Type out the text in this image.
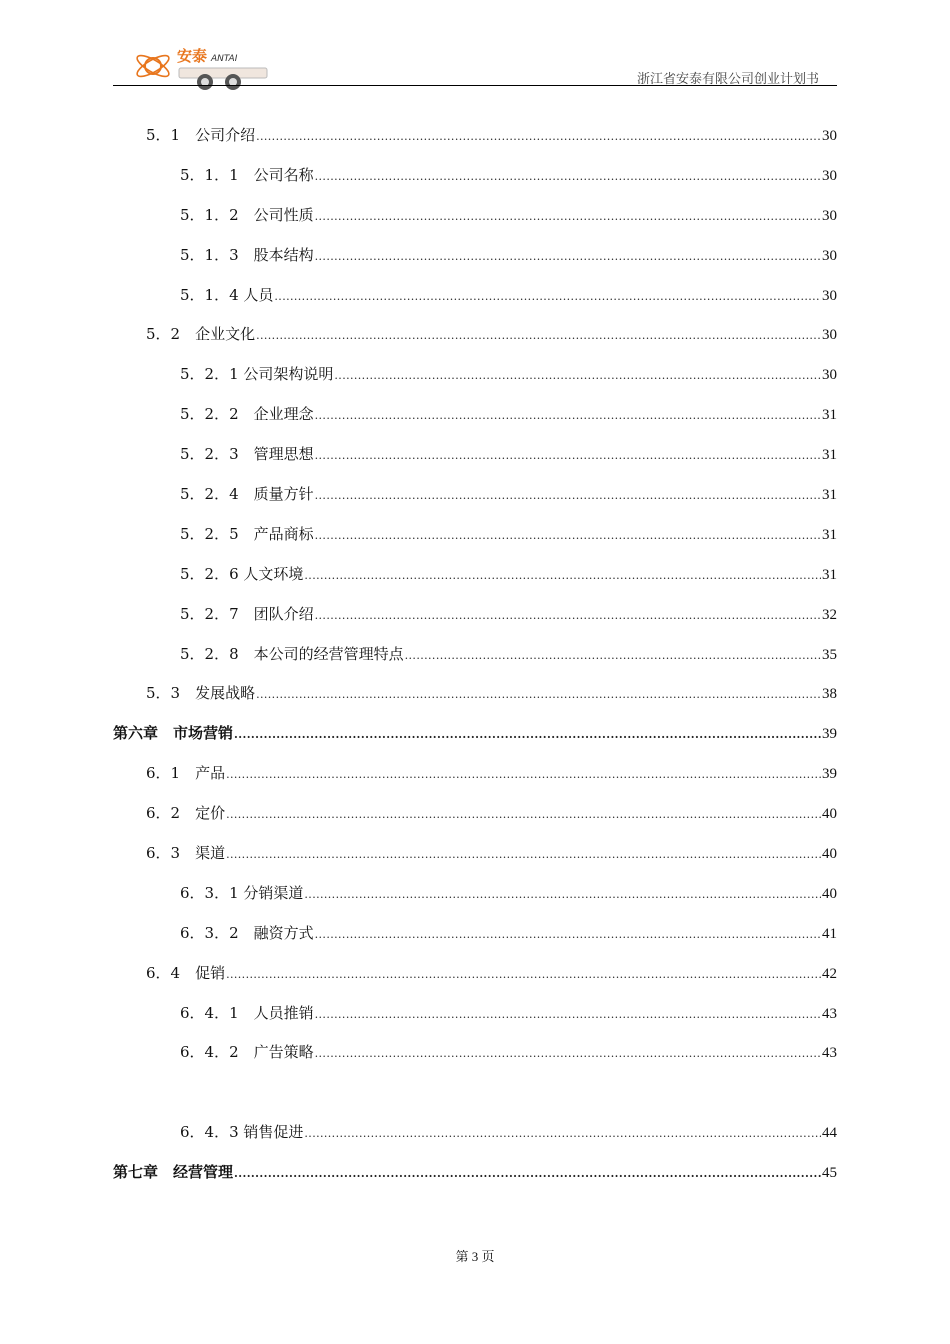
安泰 ANTAI
浙江省安泰有限公司创业计划书
5．1　公司介绍 .....	30
5．1．1　公司名称 .....	30
5．1．2　公司性质 .....	30
5．1．3　股本结构 .....	30
5．1．4 人员 .....	30
5．2　企业文化 .....	30
5．2．1 公司架构说明 .....	30
5．2．2　企业理念 .....	31
5．2．3　管理思想 .....	31
5．2．4　质量方针 .....	31
5．2．5　产品商标 .....	31
5．2．6 人文环境 .....	31
5．2．7　团队介绍 .....	32
5．2．8　本公司的经营管理特点 .....	35
5．3　发展战略 .....	38
第六章　市场营销 .....	39
6．1　产品 .....	39
6．2　定价 .....	40
6．3　渠道 .....	40
6．3．1 分销渠道 .....	40
6．3．2　融资方式 .....	41
6．4　促销 .....	42
6．4．1　人员推销 .....	43
6．4．2　广告策略 .....	43
6．4．3 销售促进 .....	44
第七章　经营管理 .....	45
第 3 页
